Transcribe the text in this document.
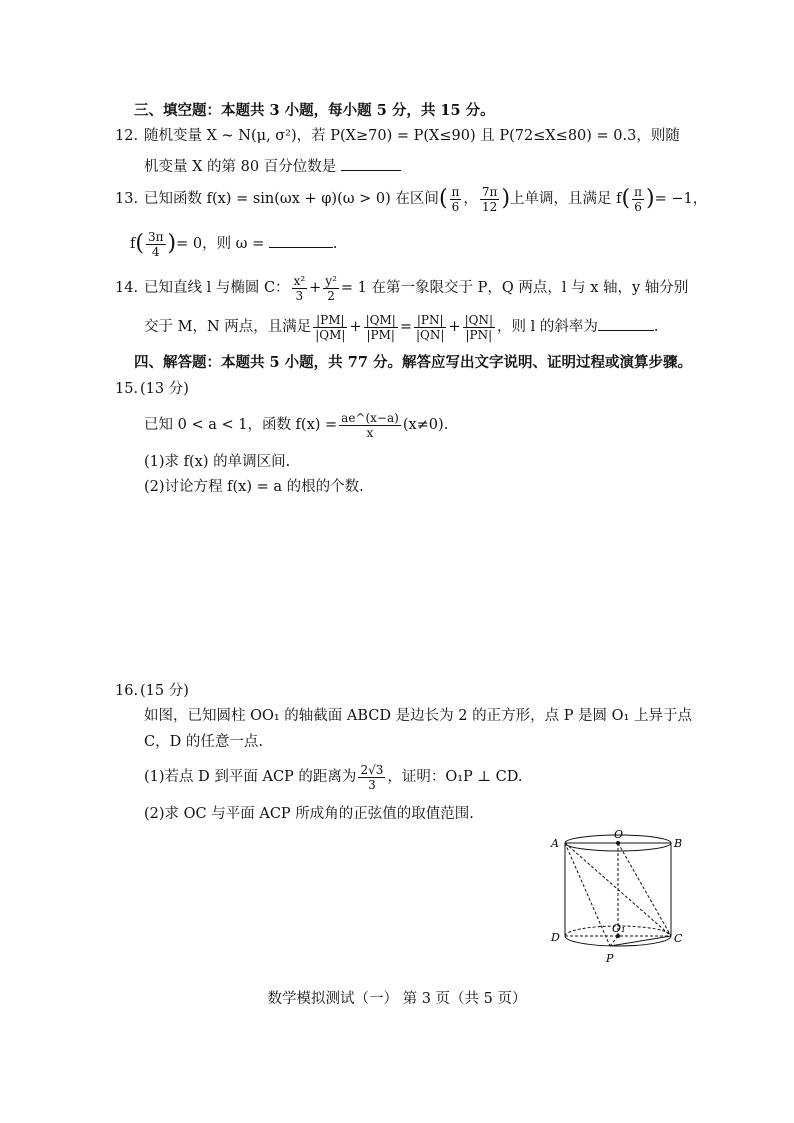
三、填空题：本题共 3 小题，每小题 5 分，共 15 分。
12. 随机变量 X ~ N(μ, σ²)，若 P(X≥70) = P(X≤90) 且 P(72≤X≤80) = 0.3，则随
机变量 X 的第 80 百分位数是
13. 已知函数 f(x) = sin(ωx + φ)(ω > 0) 在区间( $\frac{\pi}{6}$ ， $\frac{7\pi}{12}$ )上单调，且满足 $f( \frac{\pi}{6}$ )= −1，
$f( \frac{3\pi}{4}$ )= 0，则 ω =	.
14. 已知直线 l 与椭圆 C： $\frac{\text{x²}}{3} + \frac{\text{y²}}{2} = 1$ 在第一象限交于 P，Q 两点，l 与 x 轴，y 轴分别
交于 M，N 两点，且满足 $\frac{|PM|}{|QM|} + \frac{|QM|}{|PM|} = \frac{|PN|}{|QN|} + \frac{|QN|}{|PN|}$ ，则 l 的斜率为	.
四、解答题：本题共 5 小题，共 77 分。解答应写出文字说明、证明过程或演算步骤。
15. (13 分)
已知 0 < a < 1，函数 $f(x) = \frac{ae\^{}(x-a)}{x} (x\ne 0)$.
(1)求 f(x) 的单调区间.
(2)讨论方程 f(x) = a 的根的个数.
16. (15 分)
如图，已知圆柱 OO₁ 的轴截面 ABCD 是边长为 2 的正方形，点 P 是圆 O₁ 上异于点
C，D 的任意一点.
(1)若点 D 到平面 ACP 的距离为 $\frac{2√3}{3}$ ，证明：O₁P ⊥ CD.
(2)求 OC 与平面 ACP 所成角的正弦值的取值范围.
A	B
O
D	C
O₁
P
数学模拟测试（一） 第 3 页（共 5 页）
